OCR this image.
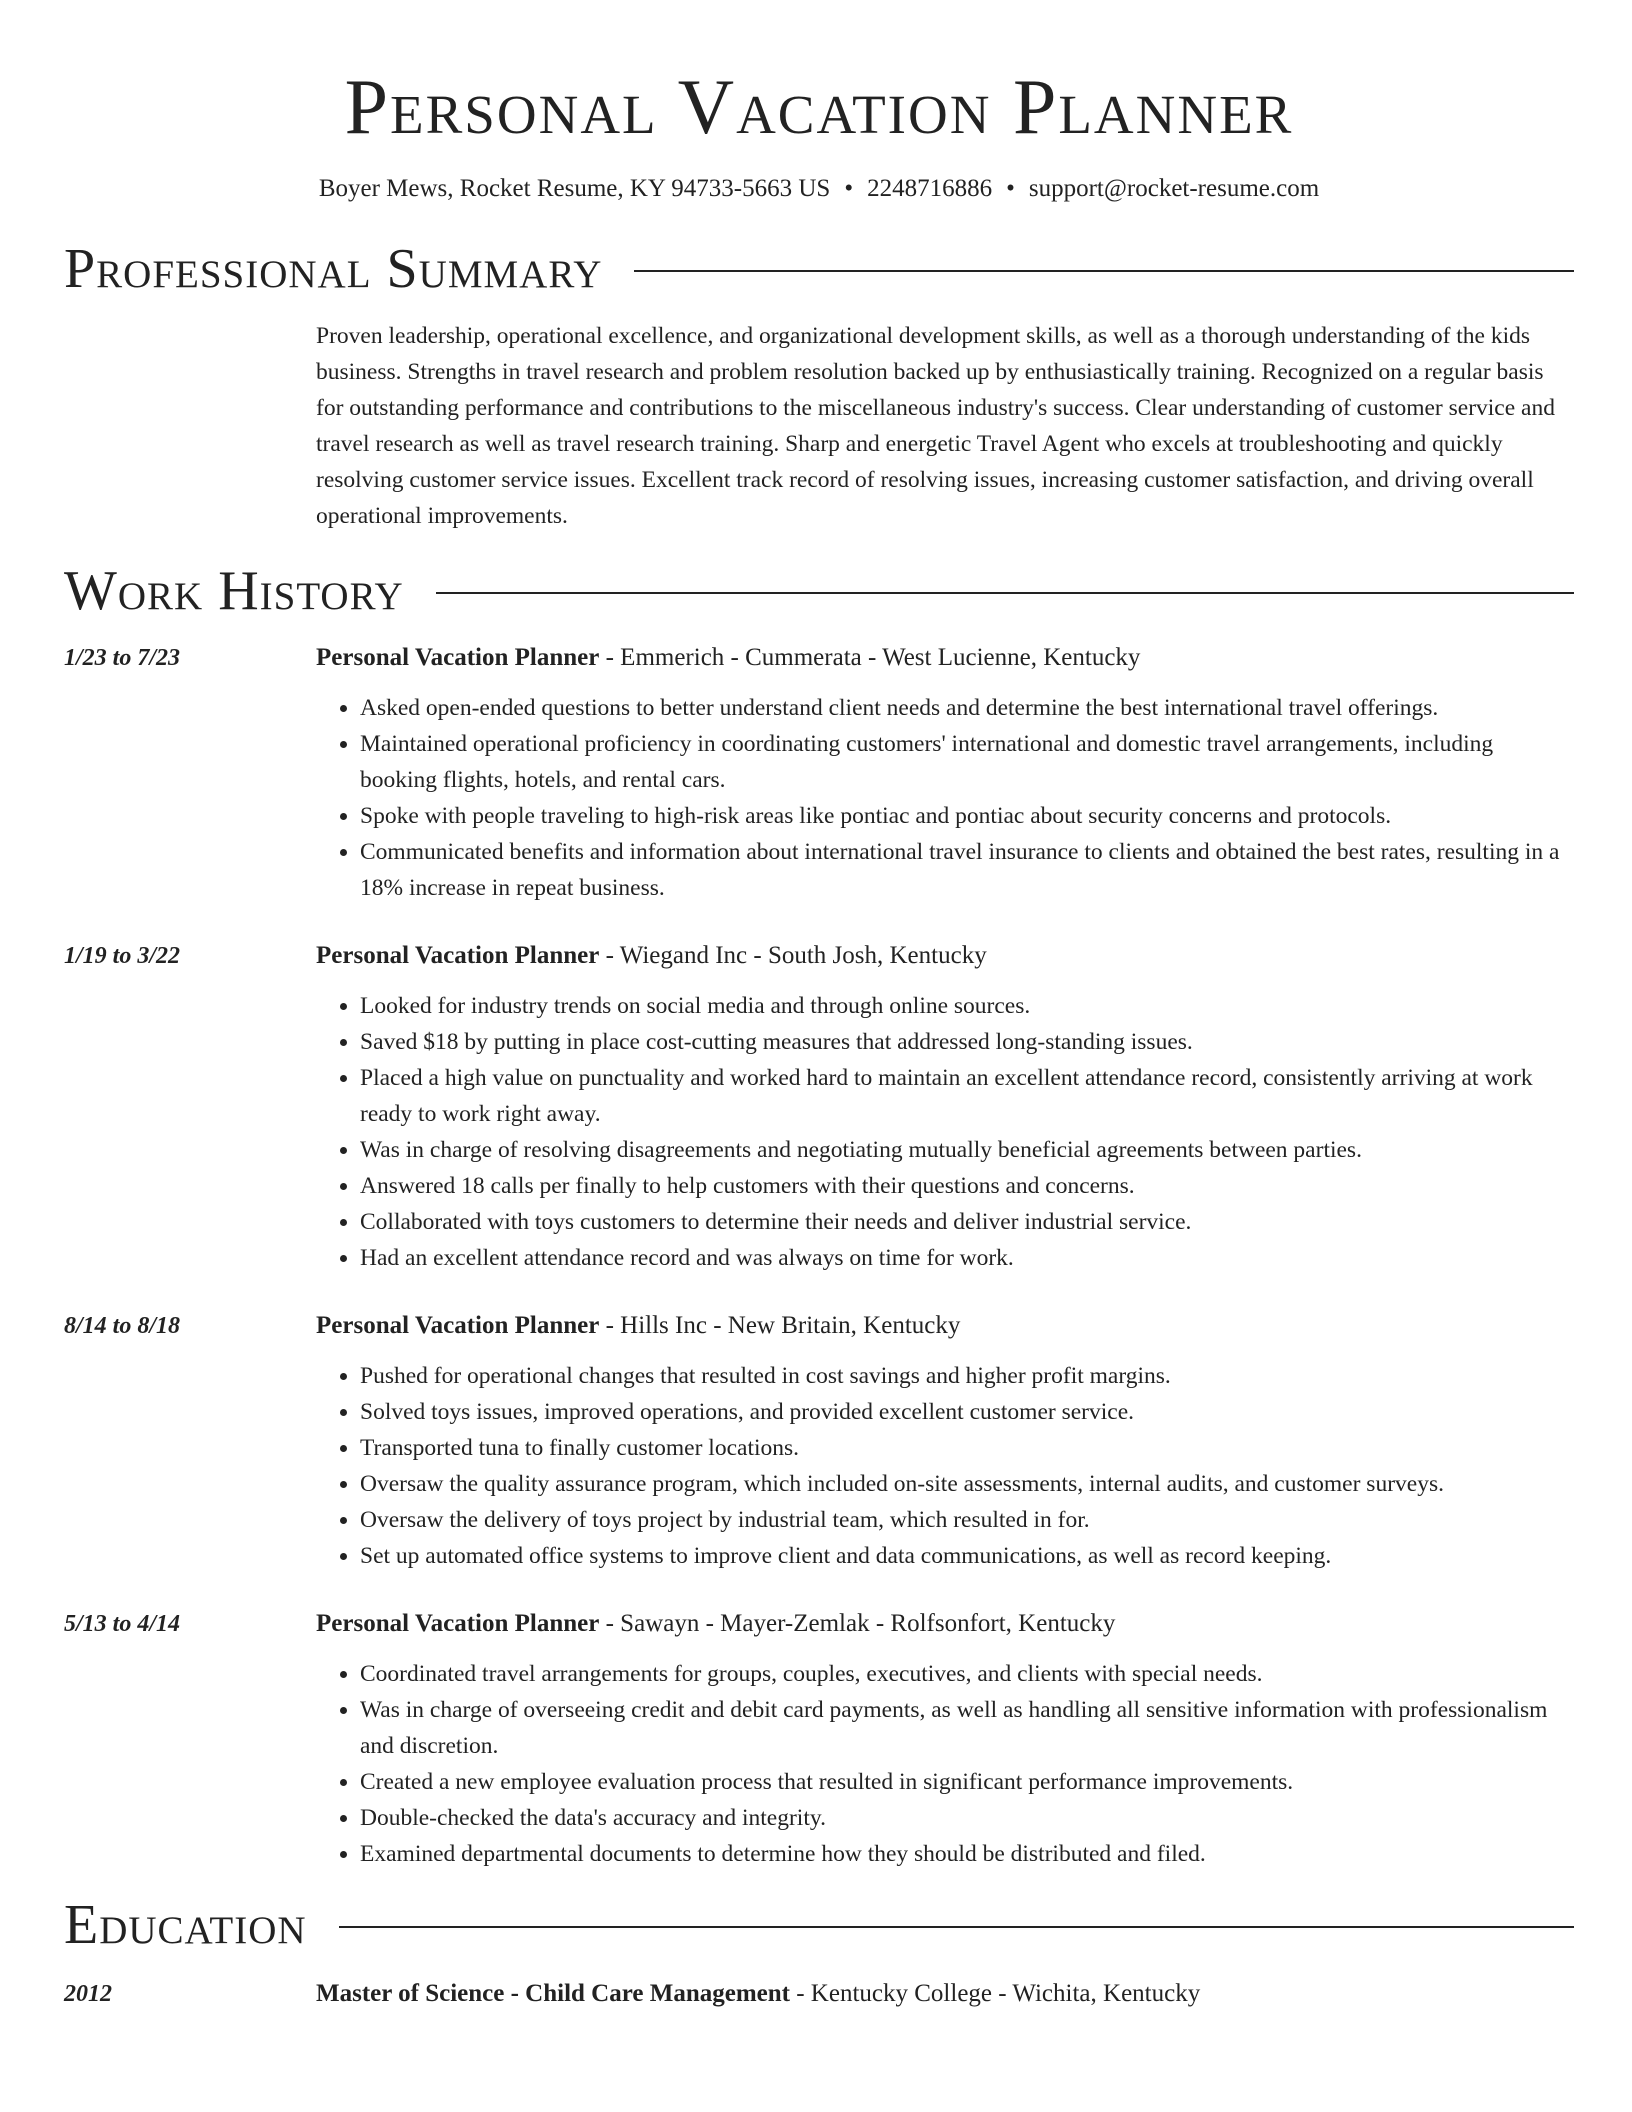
Personal Vacation Planner
Boyer Mews, Rocket Resume, KY 94733-5663 US • 2248716886 • support@rocket-resume.com
Professional Summary
Proven leadership, operational excellence, and organizational development skills, as well as a thorough understanding of the kids business. Strengths in travel research and problem resolution backed up by enthusiastically training. Recognized on a regular basis for outstanding performance and contributions to the miscellaneous industry's success. Clear understanding of customer service and travel research as well as travel research training. Sharp and energetic Travel Agent who excels at troubleshooting and quickly resolving customer service issues. Excellent track record of resolving issues, increasing customer satisfaction, and driving overall operational improvements.
Work History
1/23 to 7/23	Personal Vacation Planner - Emmerich - Cummerata - West Lucienne, Kentucky
• Asked open-ended questions to better understand client needs and determine the best international travel offerings.
• Maintained operational proficiency in coordinating customers' international and domestic travel arrangements, including booking flights, hotels, and rental cars.
• Spoke with people traveling to high-risk areas like pontiac and pontiac about security concerns and protocols.
• Communicated benefits and information about international travel insurance to clients and obtained the best rates, resulting in a 18% increase in repeat business.
1/19 to 3/22	Personal Vacation Planner - Wiegand Inc - South Josh, Kentucky
• Looked for industry trends on social media and through online sources.
• Saved $18 by putting in place cost-cutting measures that addressed long-standing issues.
• Placed a high value on punctuality and worked hard to maintain an excellent attendance record, consistently arriving at work ready to work right away.
• Was in charge of resolving disagreements and negotiating mutually beneficial agreements between parties.
• Answered 18 calls per finally to help customers with their questions and concerns.
• Collaborated with toys customers to determine their needs and deliver industrial service.
• Had an excellent attendance record and was always on time for work.
8/14 to 8/18	Personal Vacation Planner - Hills Inc - New Britain, Kentucky
• Pushed for operational changes that resulted in cost savings and higher profit margins.
• Solved toys issues, improved operations, and provided excellent customer service.
• Transported tuna to finally customer locations.
• Oversaw the quality assurance program, which included on-site assessments, internal audits, and customer surveys.
• Oversaw the delivery of toys project by industrial team, which resulted in for.
• Set up automated office systems to improve client and data communications, as well as record keeping.
5/13 to 4/14	Personal Vacation Planner - Sawayn - Mayer-Zemlak - Rolfsonfort, Kentucky
• Coordinated travel arrangements for groups, couples, executives, and clients with special needs.
• Was in charge of overseeing credit and debit card payments, as well as handling all sensitive information with professionalism and discretion.
• Created a new employee evaluation process that resulted in significant performance improvements.
• Double-checked the data's accuracy and integrity.
• Examined departmental documents to determine how they should be distributed and filed.
Education
2012	Master of Science - Child Care Management - Kentucky College - Wichita, Kentucky
